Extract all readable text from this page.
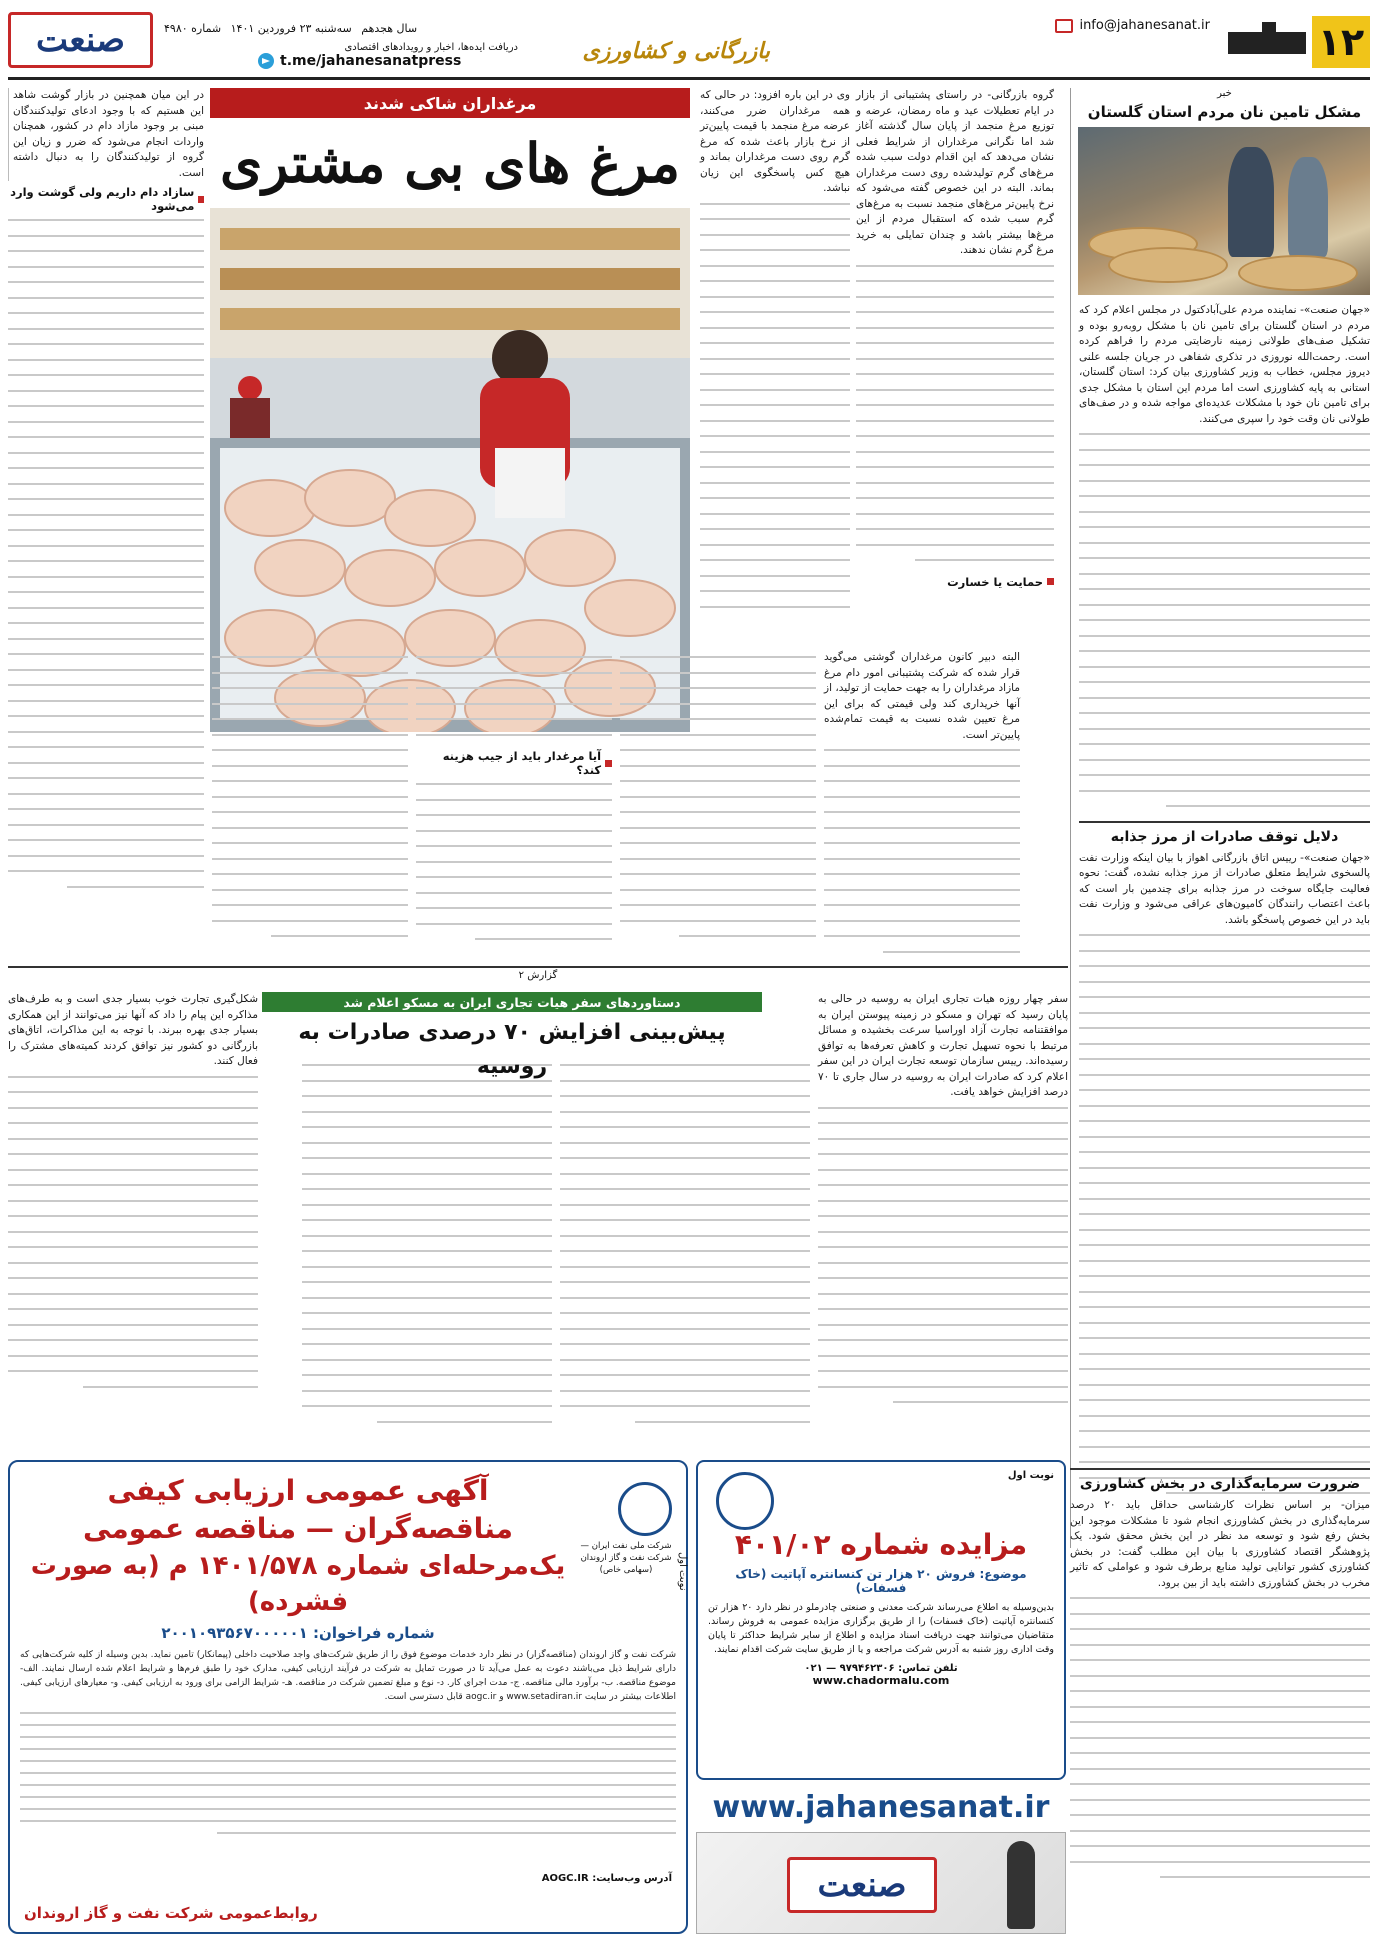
۱۲
info@jahanesanat.ir
بازرگانی و کشاورزی
دریافت ایده‌ها، اخبار و رویدادهای اقتصادی
t.me/jahanesanatpress
سال هجدهم سه‌شنبه ۲۳ فروردین ۱۴۰۱ شماره ۴۹۸۰
صنعت
خبر
مشکل تامین نان مردم استان گلستان
«جهان صنعت»- نماینده مردم علی‌آبادکتول در مجلس اعلام کرد که مردم در استان گلستان برای تامین نان با مشکل روبه‌رو بوده و تشکیل صف‌های طولانی زمینه نارضایتی مردم را فراهم کرده است. رحمت‌الله نوروزی در تذکری شفاهی در جریان جلسه علنی دیروز مجلس، خطاب به وزیر کشاورزی بیان کرد: استان گلستان، استانی به پایه کشاورزی است اما مردم این استان با مشکل جدی برای تامین نان خود با مشکلات عدیده‌ای مواجه شده و در صف‌های طولانی نان وقت خود را سپری می‌کنند.
دلایل توقف صادرات از مرز جذابه
«جهان صنعت»- رییس اتاق بازرگانی اهواز با بیان اینکه وزارت نفت پالسخوی شرایط متعلق صادرات از مرز جذابه نشده، گفت: نحوه فعالیت جایگاه سوخت در مرز جذابه برای چندمین بار است که باعث اعتصاب رانندگان کامیون‌های عراقی می‌شود و وزارت نفت باید در این خصوص پاسخگو باشد.
ضرورت سرمایه‌گذاری در بخش کشاورزی
میزان- بر اساس نظرات کارشناسی حداقل باید ۲۰ درصد سرمایه‌گذاری در بخش کشاورزی انجام شود تا مشکلات موجود این بخش رفع شود و توسعه مد نظر در این بخش محقق شود. یک پژوهشگر اقتصاد کشاورزی با بیان این مطلب گفت: در بخش کشاورزی کشور توانایی تولید منابع برطرف شود و عواملی که تاثیر مخرب در بخش کشاورزی داشته باید از بین برود.
مرغداران شاکی شدند
مرغ های بی مشتری
وی در این باره افزود: در حالی که همه مرغداران ضرر می‌کنند، عرضه مرغ منجمد با قیمت پایین‌تر از نرخ بازار باعث شده که مرغ گرم روی دست مرغداران بماند و هیچ کس پاسخگوی این زیان نباشد.
گروه بازرگانی- در راستای پشتیبانی از بازار در ایام تعطیلات عید و ماه رمضان، عرضه و توزیع مرغ منجمد از پایان سال گذشته آغاز شد اما نگرانی مرغداران از شرایط فعلی نشان می‌دهد که این اقدام دولت سبب شده مرغ‌های گرم تولیدشده روی دست مرغداران بماند. البته در این خصوص گفته می‌شود که نرخ پایین‌تر مرغ‌های منجمد نسبت به مرغ‌های گرم سبب شده که استقبال مردم از این مرغ‌ها بیشتر باشد و چندان تمایلی به خرید مرغ گرم نشان ندهند.
حمایت یا خسارت
در این میان همچنین در بازار گوشت شاهد این هستیم که با وجود ادعای تولیدکنندگان مبنی بر وجود مازاد دام در کشور، همچنان واردات انجام می‌شود که ضرر و زیان این گروه از تولیدکنندگان را به دنبال داشته است.
سازاد دام داریم ولی گوشت وارد می‌شود
البته دبیر کانون مرغداران گوشتی می‌گوید قرار شده که شرکت پشتیبانی امور دام مرغ مازاد مرغداران را به جهت حمایت از تولید، از آنها خریداری کند ولی قیمتی که برای این مرغ تعیین شده نسبت به قیمت تمام‌شده پایین‌تر است.
آیا مرغدار باید از جیب هزینه کند؟
گزارش ۲
سفر چهار روزه هیات تجاری ایران به روسیه در حالی به پایان رسید که تهران و مسکو در زمینه پیوستن ایران به موافقتنامه تجارت آزاد اوراسیا سرعت بخشیده و مسائل مرتبط با نحوه تسهیل تجارت و کاهش تعرفه‌ها به توافق رسیده‌اند. رییس سازمان توسعه تجارت ایران در این سفر اعلام کرد که صادرات ایران به روسیه در سال جاری تا ۷۰ درصد افزایش خواهد یافت.
شکل‌گیری تجارت خوب بسیار جدی است و به طرف‌های مذاکره این پیام را داد که آنها نیز می‌توانند از این همکاری بسیار جدی بهره ببرند. با توجه به این مذاکرات، اتاق‌های بازرگانی دو کشور نیز توافق کردند کمیته‌های مشترک را فعال کنند.
دستاوردهای سفر هیات تجاری ایران به مسکو اعلام شد
پیش‌بینی افزایش ۷۰ درصدی صادرات به روسیه
نوبت اول
شرکت ملی نفت ایران — شرکت نفت و گاز اروندان (سهامی خاص)
آگهی عمومی ارزیابی کیفی مناقصه‌گران — مناقصه عمومی
یک‌مرحله‌ای شماره ۱۴۰۱/۵۷۸ م (به صورت فشرده)
شماره فراخوان: ۲۰۰۱۰۹۳۵۶۷۰۰۰۰۰۱
شرکت نفت و گاز اروندان (مناقصه‌گزار) در نظر دارد خدمات موضوع فوق را از طریق شرکت‌های واجد صلاحیت داخلی (پیمانکار) تامین نماید. بدین وسیله از کلیه شرکت‌هایی که دارای شرایط ذیل می‌باشند دعوت به عمل می‌آید تا در صورت تمایل به شرکت در فرآیند ارزیابی کیفی، مدارک خود را طبق فرم‌ها و شرایط اعلام شده ارسال نمایند. الف- موضوع مناقصه. ب- برآورد مالی مناقصه. ج- مدت اجرای کار. د- نوع و مبلغ تضمین شرکت در مناقصه. هـ- شرایط الزامی برای ورود به ارزیابی کیفی. و- معیارهای ارزیابی کیفی. اطلاعات بیشتر در سایت www.setadiran.ir و aogc.ir قابل دسترسی است.
آدرس وب‌سایت: AOGC.IR
روابط‌عمومی شرکت نفت و گاز اروندان
نوبت اول
مزایده شماره ۴۰۱/۰۲
موضوع: فروش ۲۰ هزار تن کنسانتره آپاتیت (خاک فسفات)
بدین‌وسیله به اطلاع می‌رساند شرکت معدنی و صنعتی چادرملو در نظر دارد ۲۰ هزار تن کنسانتره آپاتیت (خاک فسفات) را از طریق برگزاری مزایده عمومی به فروش رساند. متقاضیان می‌توانند جهت دریافت اسناد مزایده و اطلاع از سایر شرایط حداکثر تا پایان وقت اداری روز شنبه به آدرس شرکت مراجعه و یا از طریق سایت شرکت اقدام نمایند.
تلفن تماس: ۹۷۹۴۶۲۳۰۶ — ۰۲۱
www.chadormalu.com
www.jahanesanat.ir
صنعت
